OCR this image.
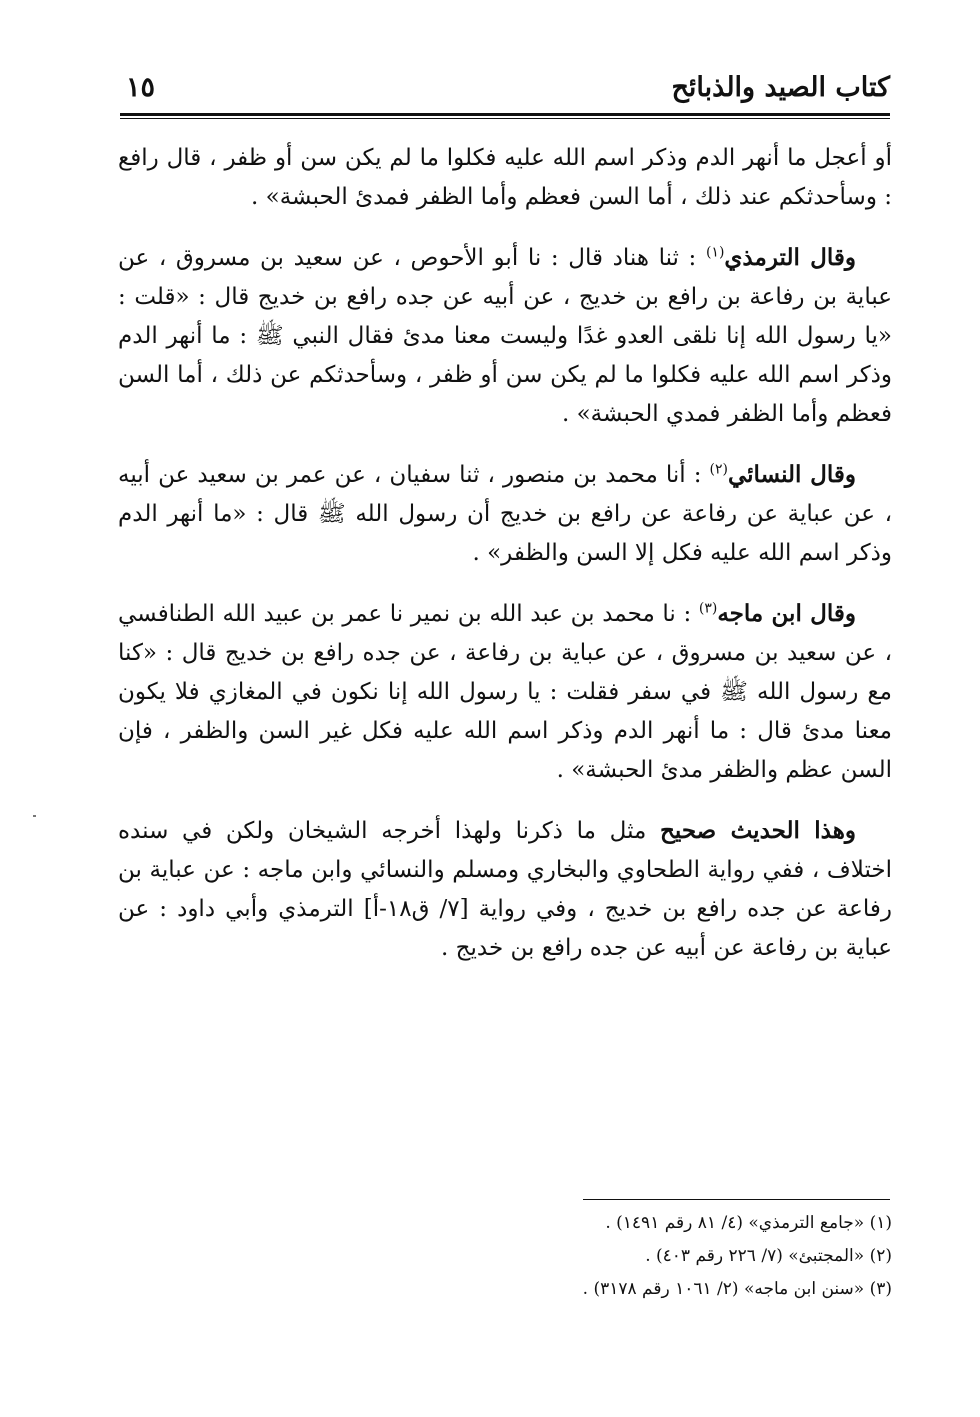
كتاب الصيد والذبائح
١٥

أو أعجل ما أنهر الدم وذكر اسم الله عليه فكلوا ما لم يكن سن أو ظفر ، قال رافع : وسأحدثكم عند ذلك ، أما السن فعظم وأما الظفر فمدئ الحبشة» .

وقال الترمذي$^{(١)}$ : ثنا هناد قال : نا أبو الأحوص ، عن سعيد بن مسروق ، عن عباية بن رفاعة بن رافع بن خديج ، عن أبيه عن جده رافع بن خديج قال : «قلت : «يا رسول الله إنا نلقى العدو غدًا وليست معنا مدئ فقال النبي ﷺ : ما أنهر الدم وذكر اسم الله عليه فكلوا ما لم يكن سن أو ظفر ، وسأحدثكم عن ذلك ، أما السن فعظم وأما الظفر فمدي الحبشة» .

وقال النسائي$^{(٢)}$ : أنا محمد بن منصور ، ثنا سفيان ، عن عمر بن سعيد عن أبيه ، عن عباية عن رفاعة عن رافع بن خديج أن رسول الله ﷺ قال : «ما أنهر الدم وذكر اسم الله عليه فكل إلا السن والظفر» .

وقال ابن ماجه$^{(٣)}$ : نا محمد بن عبد الله بن نمير نا عمر بن عبيد الله الطنافسي ، عن سعيد بن مسروق ، عن عباية بن رفاعة ، عن جده رافع بن خديج قال : «كنا مع رسول الله ﷺ في سفر فقلت : يا رسول الله إنا نكون في المغازي فلا يكون معنا مدئ قال : ما أنهر الدم وذكر اسم الله عليه فكل غير السن والظفر ، فإن السن عظم والظفر مدئ الحبشة» .

وهذا الحديث صحيح مثل ما ذكرنا ولهذا أخرجه الشيخان ولكن في سنده اختلاف ، ففي رواية الطحاوي والبخاري ومسلم والنسائي وابن ماجه : عن عباية بن رفاعة عن جده رافع بن خديج ، وفي رواية [٧/ ق١٨-أ] الترمذي وأبي داود : عن عباية بن رفاعة عن أبيه عن جده رافع بن خديج .

(١) «جامع الترمذي» (٤/ ٨١ رقم ١٤٩١) .

(٢) «المجتبئ» (٧/ ٢٢٦ رقم ٤٠٣) .

(٣) «سنن ابن ماجه» (٢/ ١٠٦١ رقم ٣١٧٨) .
